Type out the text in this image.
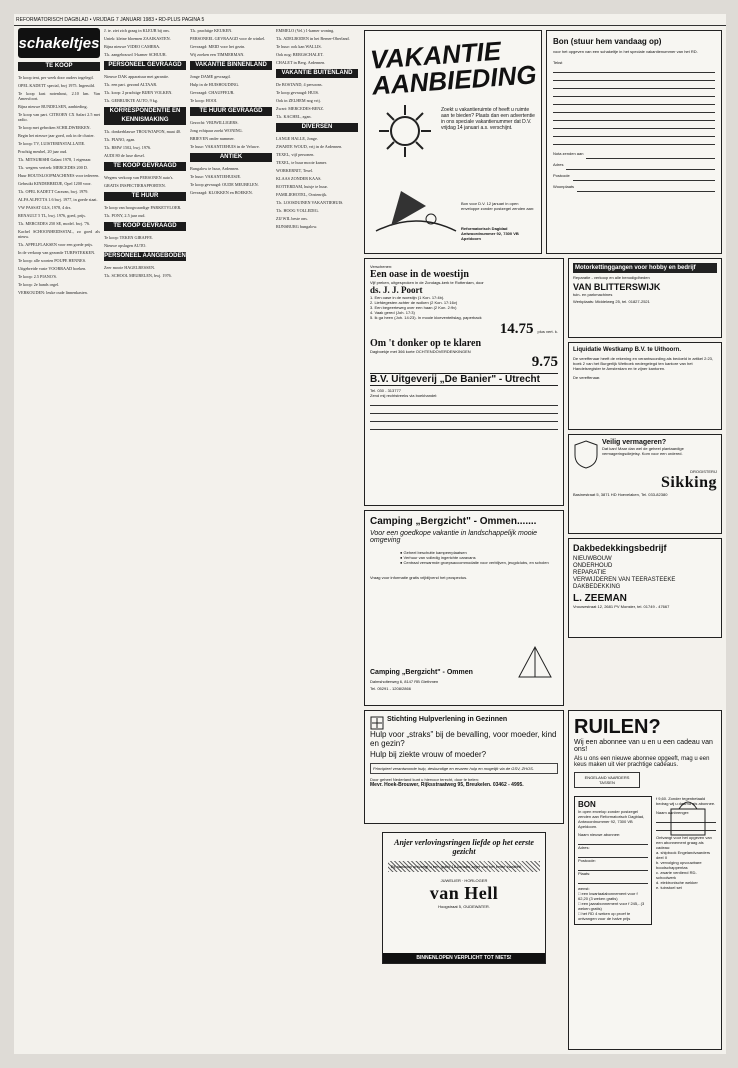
REFORMATORISCH DAGBLAD • VRIJDAG 7 JANUARI 1983 • RD-PLUS PAGINA 5
schakeltjes
TE KOOP
Te koop tent, per week door ouders ingelegd.
OPEL KADETT special, bwj 1975. Ingeruild.
Te koop kast notenhout, 2.10 km. Van Amersfoort.
Bijna nieuwe BUNDELSEN, aanbieding.
Te koop van part. CITROEN CX Safari 2.5 met radio.
Te koop met gebroken SCHILDWERKEN.
Begin het nieuwe jaar goed, ook in de cluster.
Te koop: TV, LUISTERINSTALLATIE.
Prachtig meubel, 20 jaar oud.
T.k. MITSUBISHI Galant 1978, 1 eigenaar.
T.k. wegens vertrek: MERCEDES 200 D.
Huur HOUTSLOOPMACHINES voor iedereen.
Gebruikt KINDERBEDJE, Opel 1200 voor.
T.k. OPEL KADETT Caravan, bwj. 1979.
ALFA ALFETTA 1.6 bwj. 1977, in goede staat.
VW PASSAT GLS, 1978, 4 drs.
RENAULT 5 TL, bwj. 1976, goed, prijs.
T.k. MERCEDES 250 SE, model. bwj. '76.
Kachel SCHOONHEIDSSTAL, zo goed als nieuw.
T.k. APPELFLAKSEN voor een goede prijs.
In de verkoop van gezonde TURFSTEKKEN.
Te koop: alle soorten POUPE HENNES.
Uitgebreide vaste VOORRAAD boeken.
Te koop: 2.5 PIANO'S.
Te koop: 2e hands orgel.
VERKOUDEN: leuke oude linnenkasten.
J. te. ziet zich graag in KLEUR bij ons.
Uniek: kleine bloemen ZAAIKASTEN.
Bijna nieuwe VIDEO CAMERA.
T.k. aangebouwd 3-kamer SCHUUR.
PERSONEEL GEVRAAGD
Nieuwe DAK apparatuur met garantie.
T.k. een part. gezond ALTAAR.
T.k. koop: 2 prachtige BIJEN VOLKEN.
T.k. GEBRUIKTE AUTO, 9 kg.
KORRESPONDENTIE EN KENNISMAKING
T.k. donkerblauwe TROUWJAPON, maat 40.
T.k. PIANO, zgan.
T.k. BMW 1502, bwj. 1976.
AUDI 80 de luxe diesel.
TE KOOP GEVRAAGD
Wegens verkoop van PERSONEN auto's.
GRATIS INSPECTIERAPPORTEN.
TE HUUR
Te koop van hoogwaardige PARKETVLOER.
T.k. PONY, 2.5 jaar oud.
TE KOOP GEVRAAGD
Te koop: TEKEN GIRAFFE.
Nieuwe opslagen AUTO.
PERSONEEL AANGEBODEN
Zeer mooie HAGELBESSEN.
T.k. SCHOOL MEUBELEN, bwj. 1976.
T.k. prachtige KEUKEN.
PERSONEEL GEVRAAGD voor de winkel.
Gevraagd: MEID voor het gezin.
Wij zoeken een TIMMERMAN.
VAKANTIE BINNENLAND
Jonge DAME gevraagd.
Hulp in de HUISHOUDING.
Gevraagd: CHAUFFEUR.
Te koop: HOOI.
TE HUUR GEVRAAGD
Gezocht: VRIJWILLIGERS.
Jong echtpaar zoekt WONING.
BRIEVEN onder nummer.
Te huur: VAKANTIEHUIS in de Veluwe.
ANTIEK
Bungalow te huur, Ardennen.
Te huur: VAKANTIEHUISJE.
Te koop gevraagd: OUDE MEUBELEN.
Gevraagd: KLOKKEN en BOEKEN.
EMMELO (Vel.) 1-kamer woning.
T.k. ADELBODEN in het Berner-Oberland.
Te huur: ook kan WALLIS.
Ook nog: BERGSCHALET.
CHALET in Berg. Ardennen.
VAKANTIE BUITENLAND
De BOSTAND, 4 persoons.
Te koop gevraagd: HUIS.
Ook in ZELHEM nog vrij.
Zwart: MERCEDES-BENZ.
T.k. KACHEL, zgan.
DIVERSEN
LANGE HALLE, Jonge.
ZWARTE WOUD, vrij in de Ardennen.
TEXEL, vijf personen.
TEXEL, te huur mooie kamer.
WORKERNIT, Texel.
KLAAS ZONDER KAAS.
ROTTERDAM, huisje te huur.
FAMILIEHOTEL, Oostenrijk.
T.h. LOOSDUINEN VAKANTIEHUIS.
T.h. HOOG VOLLEDIG.
ZIJ WIL beste ons.
RIJNSBURG bungalow.
VAKANTIE AANBIEDING
Zoekt u vakantieruimte of heeft u ruimte aan te bieden? Plaats dan een advertentie in ons speciale vakantienummer dat D.V. vrijdag 14 januari a.s. verschijnt.
Bon voor D.V. 12 januari in open enveloppe zonder postzegel zenden aan:
Reformatorisch Dagblad
Antwoordnummer 92, 7300 VB Apeldoorn
Bon (stuur hem vandaag op)
voor het opgeven van een schakeltje in het speciale vakantienummer van het RD.
Tekst
Nota zenden aan
Adres
Postcode
Woonplaats
Verschenen:
Een oase in de woestijn
Vijf preken, uitgesproken in de Zondags-kerk te Rotterdam, door
ds. J. J. Poort
1. Een oase in de woestijn (1 Kon. 17:4b).
2. Liefdegesten achter de wolken (2 Kon. 17:16v)
3. Een begeerteweg over een haan (2 Kon. 2:9v)
4. Vaak gered (Joh. 17:3)
5. Ik ga heen (Joh. 14:23). In mooie kloeventeitslag, paperback
14.75 plus vert. k.
Om 't donker op te klaren
Dagboekje met 366 korte OCHTENDOVERDENKINGEN
9.75
B.V. Uitgeverij „De Banier" - Utrecht
Tel. 030 - 313777
Zend mij rechtstreeks via boekhandel:
Motorkettinggangen voor hobby en bedrijf
Reparatie - verkoop en alle benodigdheden
VAN BLITTERSWIJK
tuin- en parkmachines
Werkplaats: Middelweg 25, tel. 01827-2521
Liquidatie Westkamp B.V. te Uithoorn.
De vereffenaar heeft de rekening en verantwoording als bedoeld in artikel 2:23, boek 2 van het Burgerlijk Wetboek nedergelegd ten kantore van het Handelsregister te Amsterdam en te zijner kantoren.
De vereffenaar.
Veilig vermageren?
Dat kan! Maar dan wel de geheel plantaardige vermageringsdiejetsy. Kom voor een ordered.
DROGISTERIJ
Sikking
Basinestraat 5, 3871 HD Hoevelaken, Tel. 033-82380
Camping „Bergzicht" - Ommen.......
Voor een goedkope vakantie in landschappelijk mooie omgeving
● Geheel beschutte kampeerplaatsen
● Verhuur van volledig ingerichte caravans
● Centraal verwarmde groepsaccommodatie voor verblijven, jeugdclubs, en scholen
Vraag voor informatie gratis vrijblijvend het prospectus.
Camping „Bergzicht" - Ommen
Dalmsholterweg 6, 8147 RB Giethmen
Tel. 05291 - 1208/2866
Dakbedekkingsbedrijf
NIEUWBOUW
ONDERHOUD
REPARATIE
VERWIJDEREN VAN TEERASTEEKE DAKBEDEKKING
L. ZEEMAN
Vrouwestraat 12, 2681 PV Monster, tel. 01749 - 47667
Stichting Hulpverlening in Gezinnen
Hulp voor „straks" bij de bevalling, voor moeder, kind en gezin?
Hulp bij ziekte vrouw of moeder?
Principieel verantwoorde hulp, deskundige en ervaren hulp en mogelijk via de GSV, ZHOS.
Door geheel Nederland kunt u hiervoor terecht, door te belen:
Mevr. Hoek-Brouwer, Rijksstraatweg 95, Breukelen. 03462 - 4995.
Anjer verlovingsringen liefde op het eerste gezicht
Bij aankoop ontvangt u een gratis 18-karaats anjer van het beste kwaliteit.
JUWELIER · HORLOGER
van Hell
Hoogstraat 5, OUDEWATER.
BINNENLOPEN VERPLICHT TOT NIETS!
RUILEN?
Wij een abonnee van u en u een cadeau van ons!
Als u ons een nieuwe abonnee opgeeft, mag u een keus maken uit vier prachtige cadeaus.
ENGELAND VAARDERS TASSEN
BON
In open envelop zonder postzegel zenden aan Reformatorisch Dagblad, Antwoordnummer 92, 7300 VB Apeldoorn.
Naam nieuwe abonnee:
Adres:
Postcode:
Plaats:
wenst:
□ een kwartaalabonnement voor f 62,20 (3 weken gratis)
□ een jaarabonnement voor f 245,- (3 weken gratis)
□ het RD 4 weken op proef te ontvangen voor de halve prijs
f 9,60. Zonder tegenbetaald bedrag wij u daarna als abonnee.
Naam aanbrenger:
Ontvangt voor het opgeven van een abonnement graag als cadeau:
a. shipbook Engelandvaarders deel II
b. vervolging opvouwbare boodschappentas
c. zwarte verdiend RD-schoolwerk
d. elektronische wekker
e. tuinstoel set
